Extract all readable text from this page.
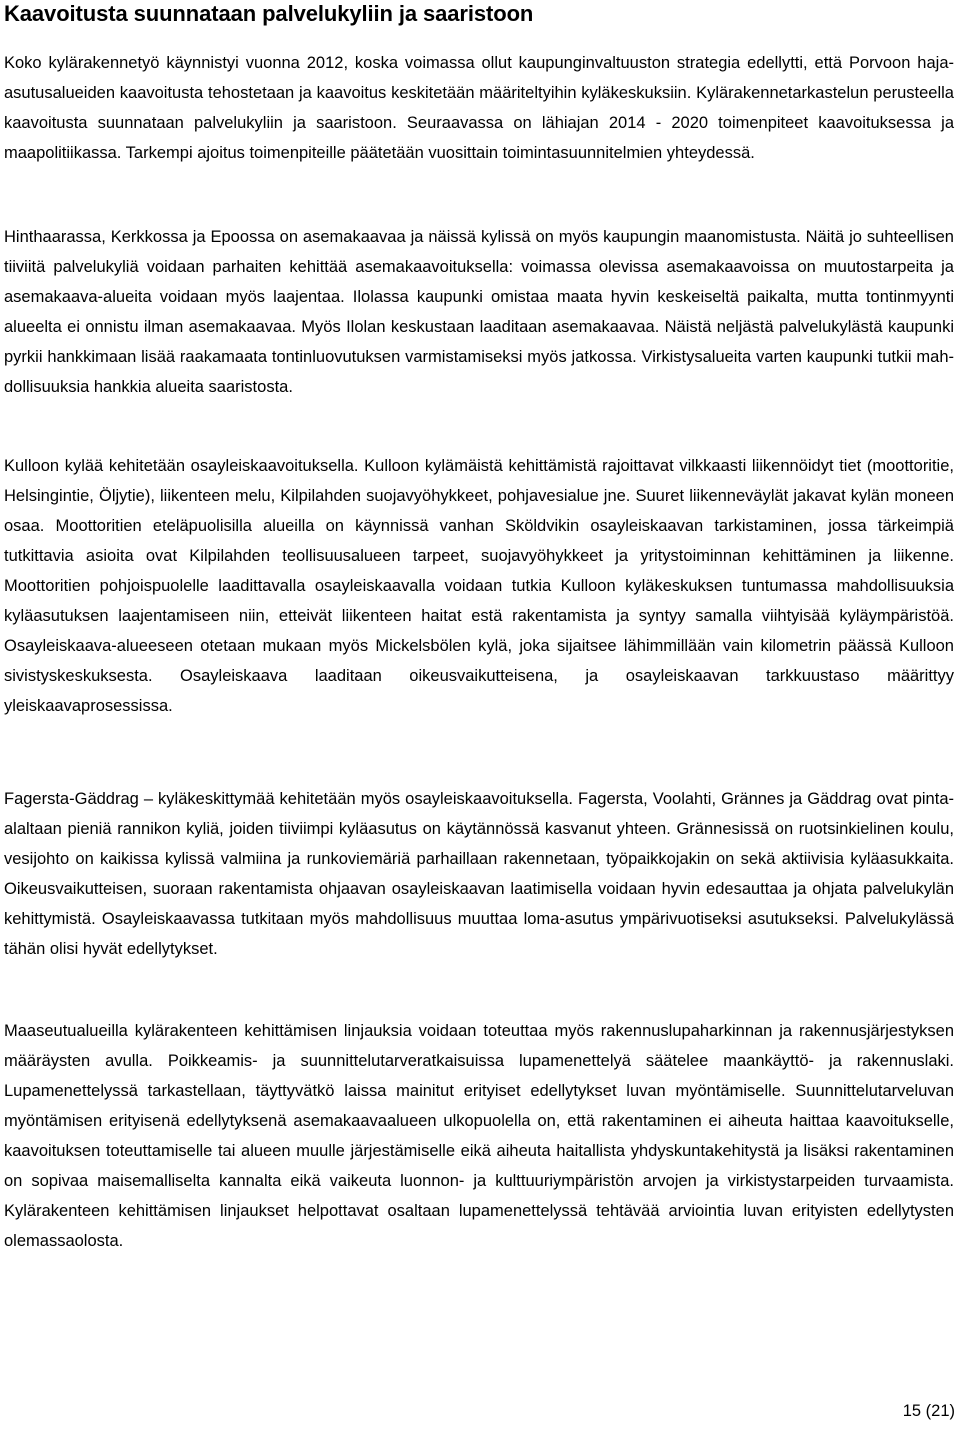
Kaavoitusta suunnataan palvelukyliin ja saaristoon

Koko kylärakennetyö käynnistyi vuonna 2012, koska voimassa ollut kaupunginvaltuuston strategia edellytti, että Porvoon haja-asutusalueiden kaavoitusta tehostetaan ja kaavoitus keskitetään määriteltyihin kyläkeskuksiin. Kylärakennetarkastelun perusteella kaavoitusta suunnataan palvelukyliin ja saaristoon. Seuraavassa on lähiajan 2014 - 2020 toimenpiteet kaavoituksessa ja maapolitiikassa. Tarkempi ajoitus toimenpiteille päätetään vuosittain toimintasuunnitelmien yhteydessä.

Hinthaarassa, Kerkkossa ja Epoossa on asemakaavaa ja näissä kylissä on myös kaupungin maanomistusta. Näitä jo suhteellisen tiiviitä palvelukyliä voidaan parhaiten kehittää asemakaavoituksella: voimassa olevissa asemakaavoissa on muutostarpeita ja asemakaava-alueita voidaan myös laajentaa. Ilolassa kaupunki omistaa maata hyvin keskeiseltä paikalta, mutta tontinmyynti alueelta ei onnistu ilman asemakaavaa. Myös Ilolan keskustaan laaditaan asemakaavaa. Näistä neljästä palvelukylästä kaupunki pyrkii hankkimaan lisää raakamaata tontinluovutuksen varmistamiseksi myös jatkossa. Virkistysalueita varten kaupunki tutkii mahdollisuuksia hankkia alueita saaristosta.

Kulloon kylää kehitetään osayleiskaavoituksella. Kulloon kylämäistä kehittämistä rajoittavat vilkkaasti liikennöidyt tiet (moottoritie, Helsingintie, Öljytie), liikenteen melu, Kilpilahden suojavyöhykkeet, pohjavesialue jne. Suuret liikenneväylät jakavat kylän moneen osaa. Moottoritien eteläpuolisilla alueilla on käynnissä vanhan Sköldvikin osayleiskaavan tarkistaminen, jossa tärkeimpiä tutkittavia asioita ovat Kilpilahden teollisuusalueen tarpeet, suojavyöhykkeet ja yritystoiminnan kehittäminen ja liikenne. Moottoritien pohjoispuolelle laadittavalla osayleiskaavalla voidaan tutkia Kulloon kyläkeskuksen tuntumassa mahdollisuuksia kyläasutuksen laajentamiseen niin, etteivät liikenteen haitat estä rakentamista ja syntyy samalla viihtyisää kyläympäristöä. Osayleiskaava-alueeseen otetaan mukaan myös Mickelsbölen kylä, joka sijaitsee lähimmillään vain kilometrin päässä Kulloon sivistyskeskuksesta. Osayleiskaava laaditaan oikeusvaikutteisena, ja osayleiskaavan tarkkuustaso määrittyy yleiskaavaprosessissa.

Fagersta-Gäddrag – kyläkeskittymää kehitetään myös osayleiskaavoituksella. Fagersta, Voolahti, Grännes ja Gäddrag ovat pinta-alaltaan pieniä rannikon kyliä, joiden tiiviimpi kyläasutus on käytännössä kasvanut yhteen. Grännesissä on ruotsinkielinen koulu, vesijohto on kaikissa kylissä valmiina ja runkoviemäriä parhaillaan rakennetaan, työpaikkojakin on sekä aktiivisia kyläasukkaita. Oikeusvaikutteisen, suoraan rakentamista ohjaavan osayleiskaavan laatimisella voidaan hyvin edesauttaa ja ohjata palvelukylän kehittymistä. Osayleiskaavassa tutkitaan myös mahdollisuus muuttaa loma-asutus ympärivuotiseksi asutukseksi. Palvelukylässä tähän olisi hyvät edellytykset.

Maaseutualueilla kylärakenteen kehittämisen linjauksia voidaan toteuttaa myös rakennuslupaharkinnan ja rakennusjärjestyksen määräysten avulla. Poikkeamis- ja suunnittelutarveratkaisuissa lupamenettelyä säätelee maankäyttö- ja rakennuslaki. Lupamenettelyssä tarkastellaan, täyttyvätkö laissa mainitut erityiset edellytykset luvan myöntämiselle. Suunnittelutarveluvan myöntämisen erityisenä edellytyksenä asemakaavaalueen ulkopuolella on, että rakentaminen ei aiheuta haittaa kaavoitukselle, kaavoituksen toteuttamiselle tai alueen muulle järjestämiselle eikä aiheuta haitallista yhdyskuntakehitystä ja lisäksi rakentaminen on sopivaa maisemalliselta kannalta eikä vaikeuta luonnon- ja kulttuuriympäristön arvojen ja virkistystarpeiden turvaamista. Kylärakenteen kehittämisen linjaukset helpottavat osaltaan lupamenettelyssä tehtävää arviointia luvan erityisten edellytysten olemassaolosta.

15 (21)
